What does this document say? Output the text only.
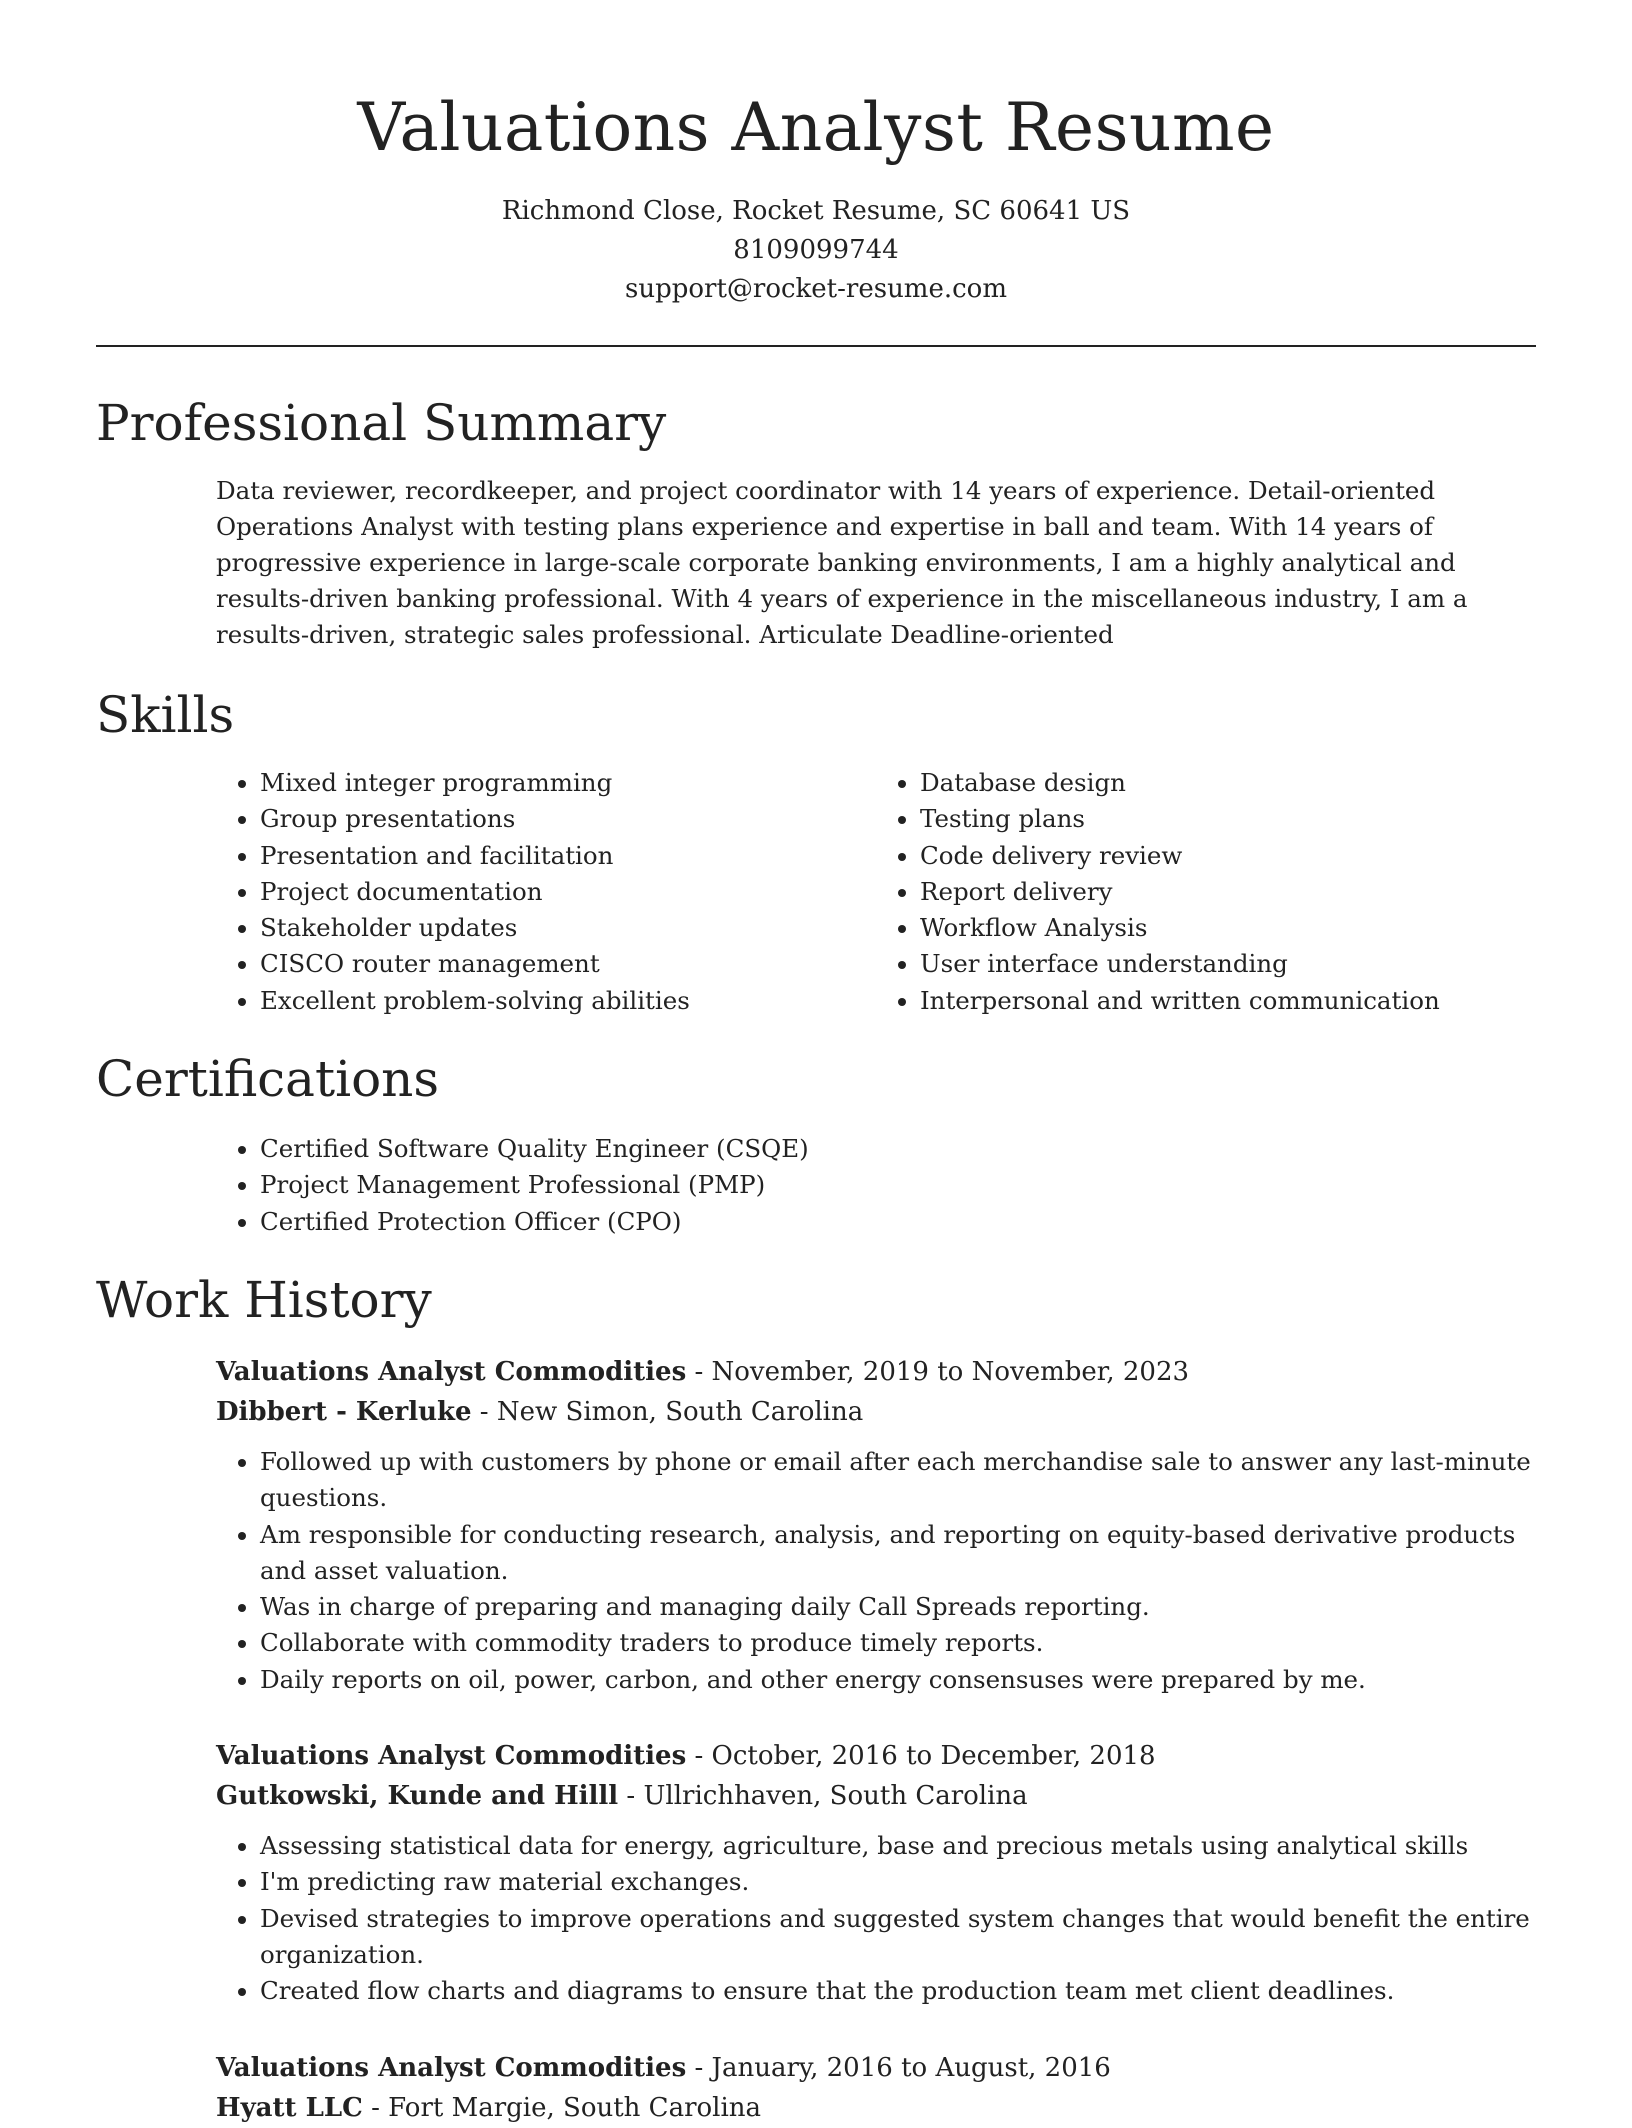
Valuations Analyst Resume
Richmond Close, Rocket Resume, SC 60641 US
8109099744
support@rocket-resume.com
Professional Summary

Data reviewer, recordkeeper, and project coordinator with 14 years of experience. Detail-oriented Operations Analyst with testing plans experience and expertise in ball and team. With 14 years of progressive experience in large-scale corporate banking environments, I am a highly analytical and results-driven banking professional. With 4 years of experience in the miscellaneous industry, I am a results-driven, strategic sales professional. Articulate Deadline-oriented

Skills
• Mixed integer programming
• Group presentations
• Presentation and facilitation
• Project documentation
• Stakeholder updates
• CISCO router management
• Excellent problem-solving abilities
• Database design
• Testing plans
• Code delivery review
• Report delivery
• Workflow Analysis
• User interface understanding
• Interpersonal and written communication
Certifications
• Certified Software Quality Engineer (CSQE)
• Project Management Professional (PMP)
• Certified Protection Officer (CPO)
Work History
Valuations Analyst Commodities - November, 2019 to November, 2023
Dibbert - Kerluke - New Simon, South Carolina
• Followed up with customers by phone or email after each merchandise sale to answer any last-minute questions.
• Am responsible for conducting research, analysis, and reporting on equity-based derivative products and asset valuation.
• Was in charge of preparing and managing daily Call Spreads reporting.
• Collaborate with commodity traders to produce timely reports.
• Daily reports on oil, power, carbon, and other energy consensuses were prepared by me.
Valuations Analyst Commodities - October, 2016 to December, 2018
Gutkowski, Kunde and Hilll - Ullrichhaven, South Carolina
• Assessing statistical data for energy, agriculture, base and precious metals using analytical skills
• I'm predicting raw material exchanges.
• Devised strategies to improve operations and suggested system changes that would benefit the entire organization.
• Created flow charts and diagrams to ensure that the production team met client deadlines.
Valuations Analyst Commodities - January, 2016 to August, 2016
Hyatt LLC - Fort Margie, South Carolina
